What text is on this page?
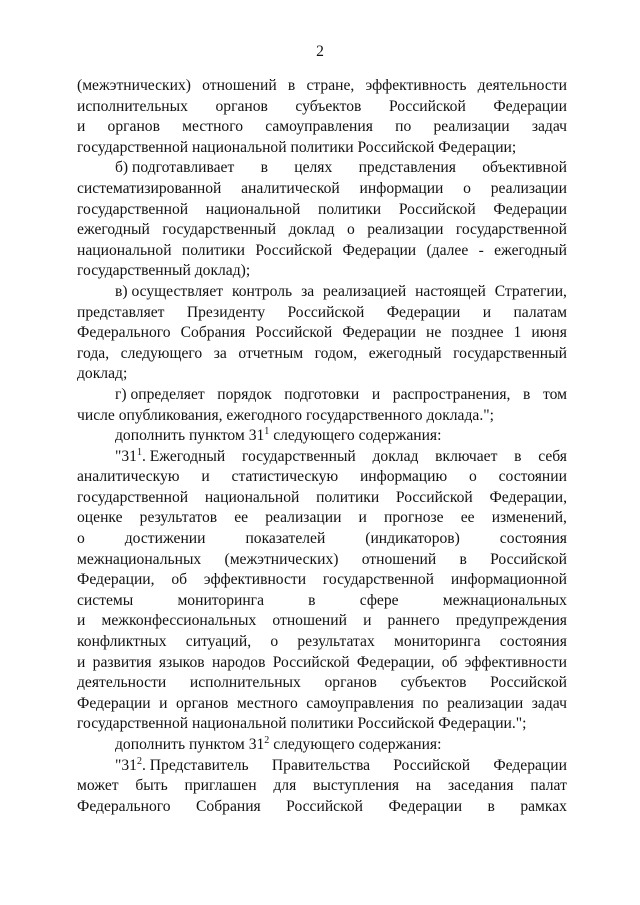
2
(межэтнических) отношений в стране, эффективность деятельности
исполнительных органов субъектов Российской Федерации
и органов местного самоуправления по реализации задач
государственной национальной политики Российской Федерации;
б) подготавливает в целях представления объективной
систематизированной аналитической информации о реализации
государственной национальной политики Российской Федерации
ежегодный государственный доклад о реализации государственной
национальной политики Российской Федерации (далее - ежегодный
государственный доклад);
в) осуществляет контроль за реализацией настоящей Стратегии,
представляет Президенту Российской Федерации и палатам
Федерального Собрания Российской Федерации не позднее 1 июня
года, следующего за отчетным годом, ежегодный государственный
доклад;
г) определяет порядок подготовки и распространения, в том
числе опубликования, ежегодного государственного доклада.";
дополнить пунктом $31^1$ следующего содержания:
"$31^1$. Ежегодный государственный доклад включает в себя
аналитическую и статистическую информацию о состоянии
государственной национальной политики Российской Федерации,
оценке результатов ее реализации и прогнозе ее изменений,
о	достижении	показателей	(индикаторов)	состояния
межнациональных (межэтнических) отношений в Российской
Федерации, об эффективности государственной информационной
системы	мониторинга	в	сфере	межнациональных
и межконфессиональных отношений и раннего предупреждения
конфликтных ситуаций, о результатах мониторинга состояния
и развития языков народов Российской Федерации, об эффективности
деятельности исполнительных органов субъектов Российской
Федерации и органов местного самоуправления по реализации задач
государственной национальной политики Российской Федерации.";
дополнить пунктом $31^2$ следующего содержания:
"$31^2$. Представитель Правительства Российской Федерации
может быть приглашен для выступления на заседания палат
Федерального Собрания Российской Федерации в рамках
